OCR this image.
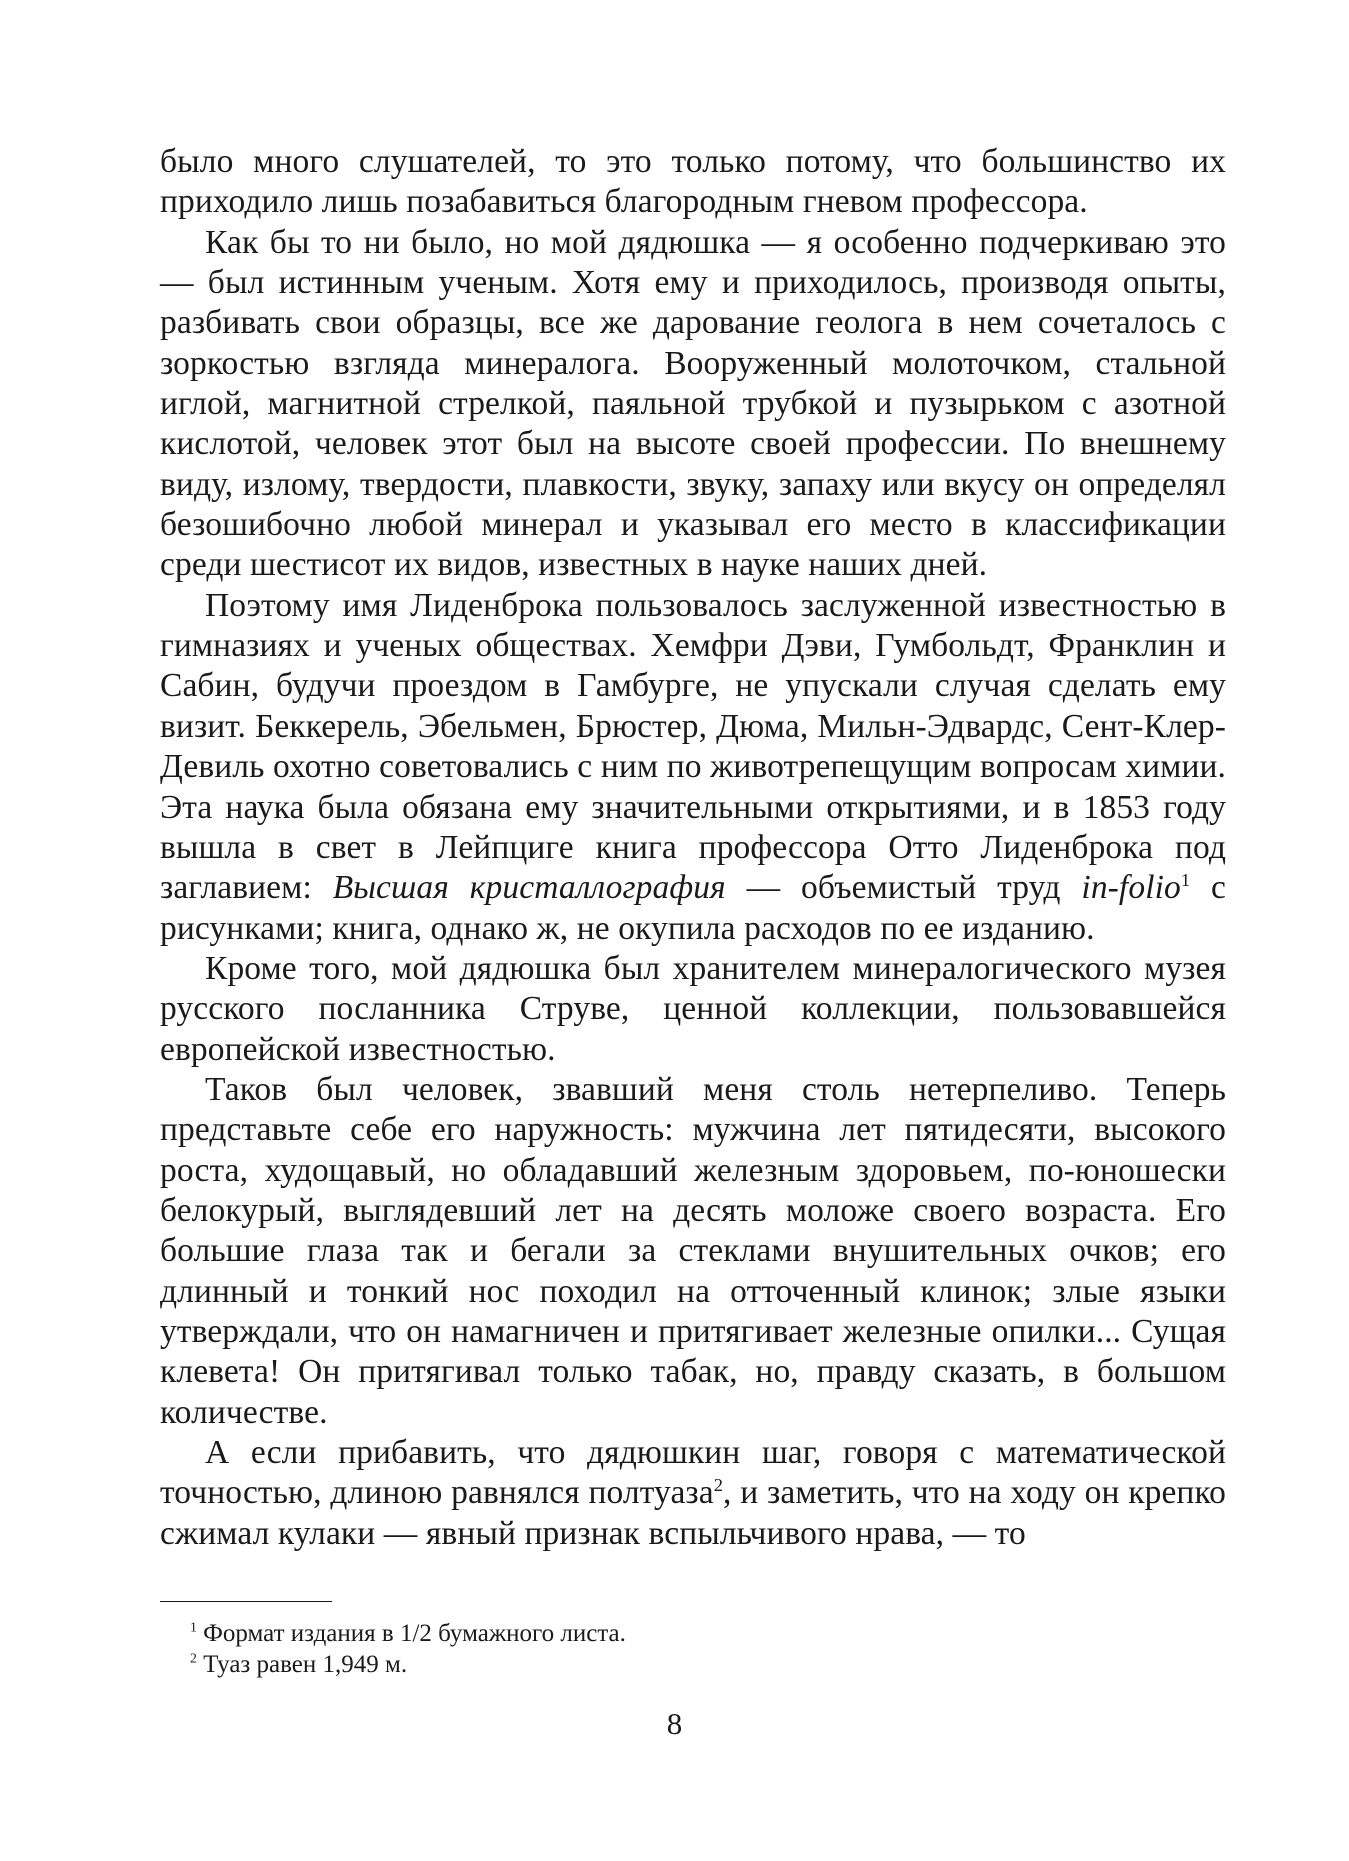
было много слушателей, то это только потому, что большинство их приходило лишь позабавиться благородным гневом профессора.

Как бы то ни было, но мой дядюшка — я особенно подчеркиваю это — был истинным ученым. Хотя ему и приходилось, производя опыты, разбивать свои образцы, все же дарование геолога в нем сочеталось с зоркостью взгляда минералога. Вооруженный молоточком, стальной иглой, магнитной стрелкой, паяльной трубкой и пузырьком с азотной кислотой, человек этот был на высоте своей профессии. По внешнему виду, излому, твердости, плавкости, звуку, запаху или вкусу он определял безошибочно любой минерал и указывал его место в классификации среди шестисот их видов, известных в науке наших дней.

Поэтому имя Лиденброка пользовалось заслуженной известностью в гимназиях и ученых обществах. Хемфри Дэви, Гумбольдт, Франклин и Сабин, будучи проездом в Гамбурге, не упускали случая сделать ему визит. Беккерель, Эбельмен, Брюстер, Дюма, Мильн-Эдвардс, Сент-Клер-Девиль охотно советовались с ним по животрепещущим вопросам химии. Эта наука была обязана ему значительными открытиями, и в 1853 году вышла в свет в Лейпциге книга профессора Отто Лиденброка под заглавием: Высшая кристаллография — объемистый труд in-folio$^1$ с рисунками; книга, однако ж, не окупила расходов по ее изданию.

Кроме того, мой дядюшка был хранителем минералогического музея русского посланника Струве, ценной коллекции, пользовавшейся европейской известностью.

Таков был человек, звавший меня столь нетерпеливо. Теперь представьте себе его наружность: мужчина лет пятидесяти, высокого роста, худощавый, но обладавший железным здоровьем, по-юношески белокурый, выглядевший лет на десять моложе своего возраста. Его большие глаза так и бегали за стеклами внушительных очков; его длинный и тонкий нос походил на отточенный клинок; злые языки утверждали, что он намагничен и притягивает железные опилки... Сущая клевета! Он притягивал только табак, но, правду сказать, в большом количестве.

А если прибавить, что дядюшкин шаг, говоря с математической точностью, длиною равнялся полтуаза$^2$, и заметить, что на ходу он крепко сжимал кулаки — явный признак вспыльчивого нрава, — то

$^1$ Формат издания в 1/2 бумажного листа.
$^2$ Туаз равен 1,949 м.
8
